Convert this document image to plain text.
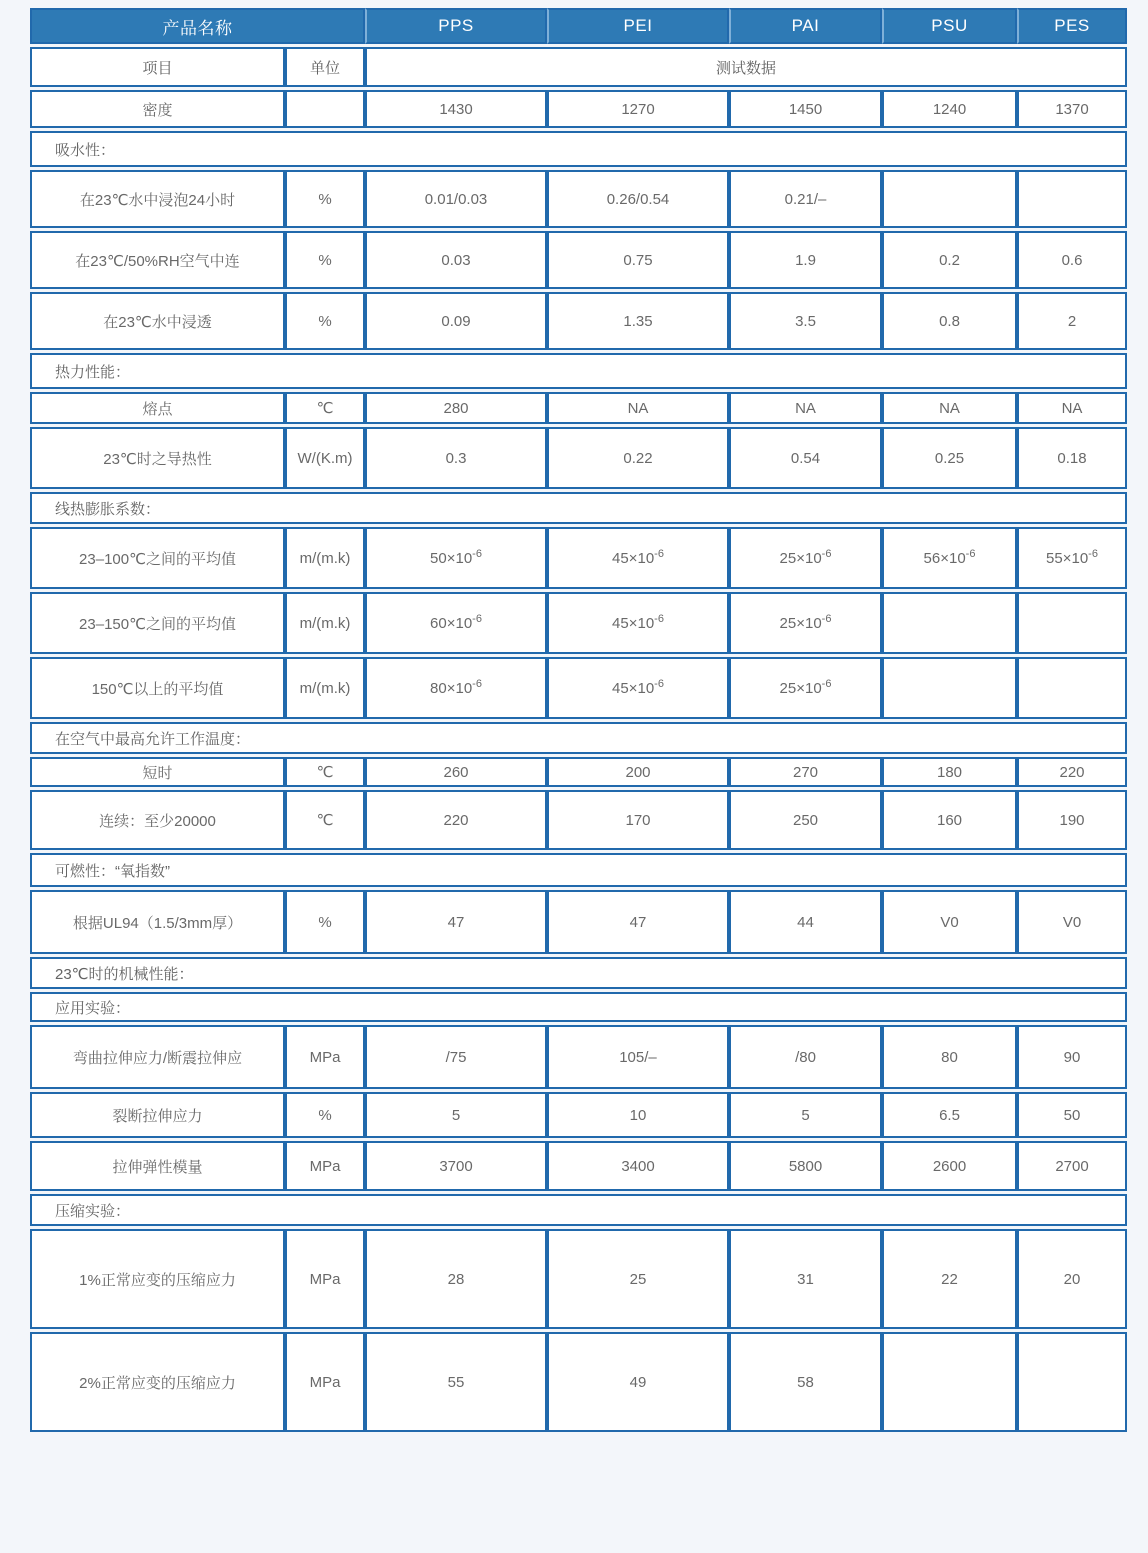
产品名称		PPS	PEI	PAI	PSU	PES
项目	单位	测试数据				
密度		1430	1270	1450	1240	1370
吸水性：						
在23℃水中浸泡24小时	%	0.01/0.03	0.26/0.54	0.21/–		
在23℃/50%RH空气中连	%	0.03	0.75	1.9	0.2	0.6
在23℃水中浸透	%	0.09	1.35	3.5	0.8	2
热力性能：						
熔点	℃	280	NA	NA	NA	NA
23℃时之导热性	W/(K.m)	0.3	0.22	0.54	0.25	0.18
线热膨胀系数：						
23–100℃之间的平均值	m/(m.k)	$50\times 10^{-6}$	$45\times 10^{-6}$	$25\times 10^{-6}$	$56\times 10^{-6}$	$55\times 10^{-6}$
23–150℃之间的平均值	m/(m.k)	$60\times 10^{-6}$	$45\times 10^{-6}$	$25\times 10^{-6}$		
150℃以上的平均值	m/(m.k)	$80\times 10^{-6}$	$45\times 10^{-6}$	$25\times 10^{-6}$		
在空气中最高允许工作温度：						
短时	℃	260	200	270	180	220
连续：至少20000	℃	220	170	250	160	190
可燃性：“氧指数”						
根据UL94（1.5/3mm厚）	%	47	47	44	V0	V0
23℃时的机械性能：						
应用实验：						
弯曲拉伸应力/断震拉伸应	MPa	/75	105/–	/80	80	90
裂断拉伸应力	%	5	10	5	6.5	50
拉伸弹性模量	MPa	3700	3400	5800	2600	2700
压缩实验：						
1%正常应变的压缩应力	MPa	28	25	31	22	20
2%正常应变的压缩应力	MPa	55	49	58		
